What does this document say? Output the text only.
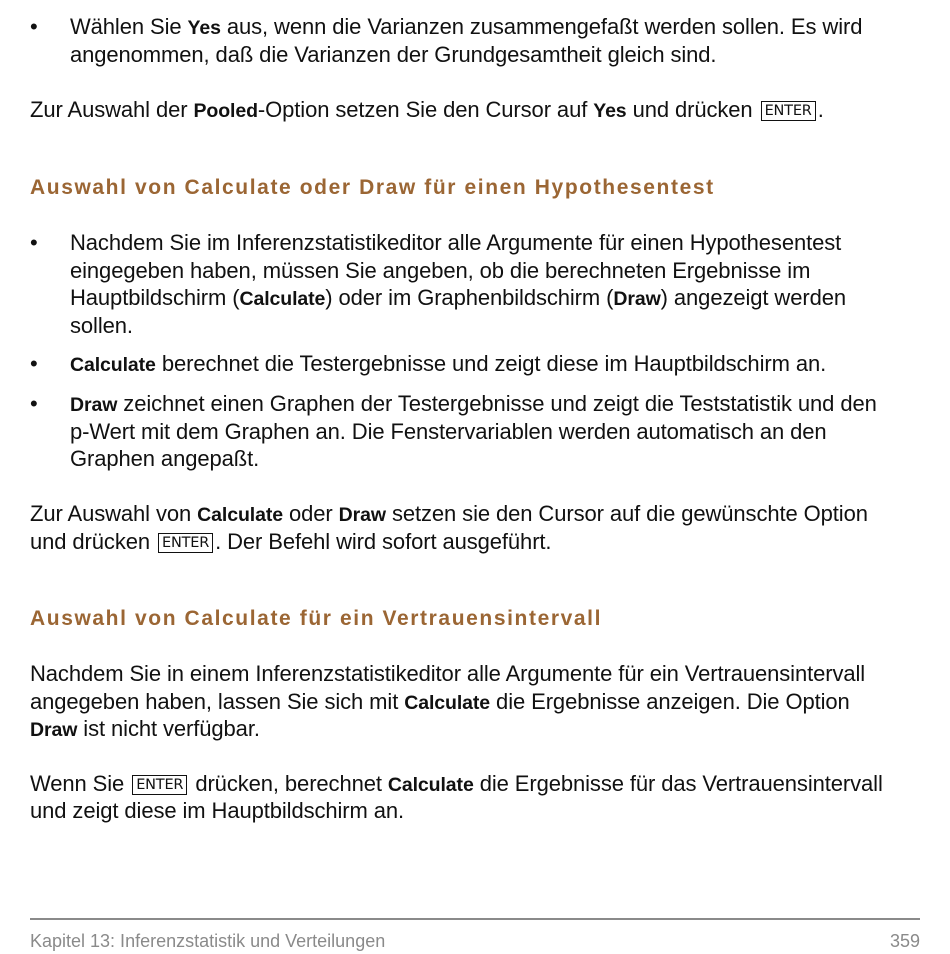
• Wählen Sie Yes aus, wenn die Varianzen zusammengefaßt werden sollen. Es wird
angenommen, daß die Varianzen der Grundgesamtheit gleich sind.
Zur Auswahl der Pooled-Option setzen Sie den Cursor auf Yes und drücken ENTER .
Auswahl von Calculate oder Draw für einen Hypothesentest
• Nachdem Sie im Inferenzstatistikeditor alle Argumente für einen Hypothesentest
eingegeben haben, müssen Sie angeben, ob die berechneten Ergebnisse im
Hauptbildschirm (Calculate) oder im Graphenbildschirm (Draw) angezeigt werden
sollen.
• Calculate berechnet die Testergebnisse und zeigt diese im Hauptbildschirm an.
• Draw zeichnet einen Graphen der Testergebnisse und zeigt die Teststatistik und den
p-Wert mit dem Graphen an. Die Fenstervariablen werden automatisch an den
Graphen angepaßt.
Zur Auswahl von Calculate oder Draw setzen sie den Cursor auf die gewünschte Option
und drücken ENTER . Der Befehl wird sofort ausgeführt.
Auswahl von Calculate für ein Vertrauensintervall
Nachdem Sie in einem Inferenzstatistikeditor alle Argumente für ein Vertrauensintervall
angegeben haben, lassen Sie sich mit Calculate die Ergebnisse anzeigen. Die Option
Draw ist nicht verfügbar.
Wenn Sie ENTER drücken, berechnet Calculate die Ergebnisse für das Vertrauensintervall
und zeigt diese im Hauptbildschirm an.
Kapitel 13: Inferenzstatistik und Verteilungen	359
